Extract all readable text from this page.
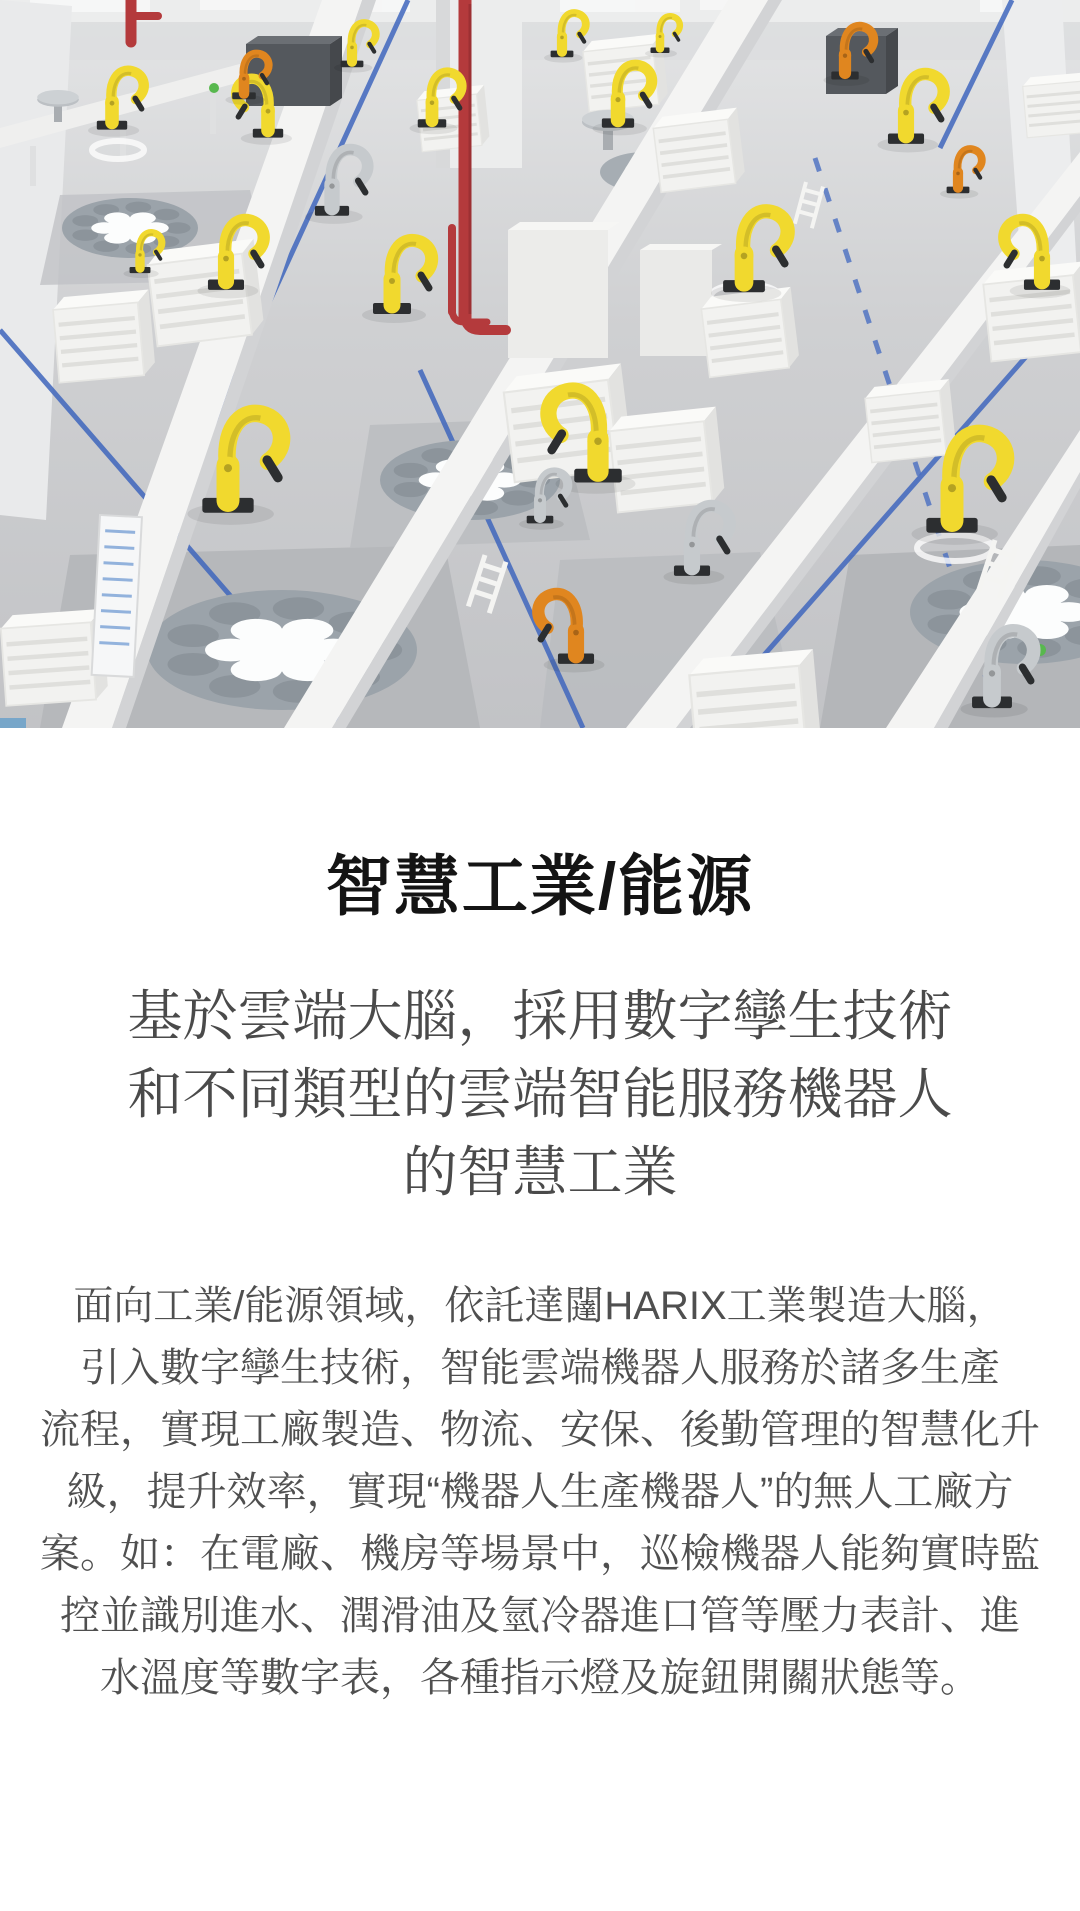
智慧工業/能源
基於雲端大腦，採用數字孿生技術
和不同類型的雲端智能服務機器人
的智慧工業

面向工業/能源領域，依託達闥HARIX工業製造大腦，
引入數字孿生技術，智能雲端機器人服務於諸多生產
流程，實現工廠製造、物流、安保、後勤管理的智慧化升
級，提升效率，實現“機器人生產機器人”的無人工廠方
案。如：在電廠、機房等場景中，巡檢機器人能夠實時監
控並識別進水、潤滑油及氫冷器進口管等壓力表計、進
水溫度等數字表，各種指示燈及旋鈕開關狀態等。
